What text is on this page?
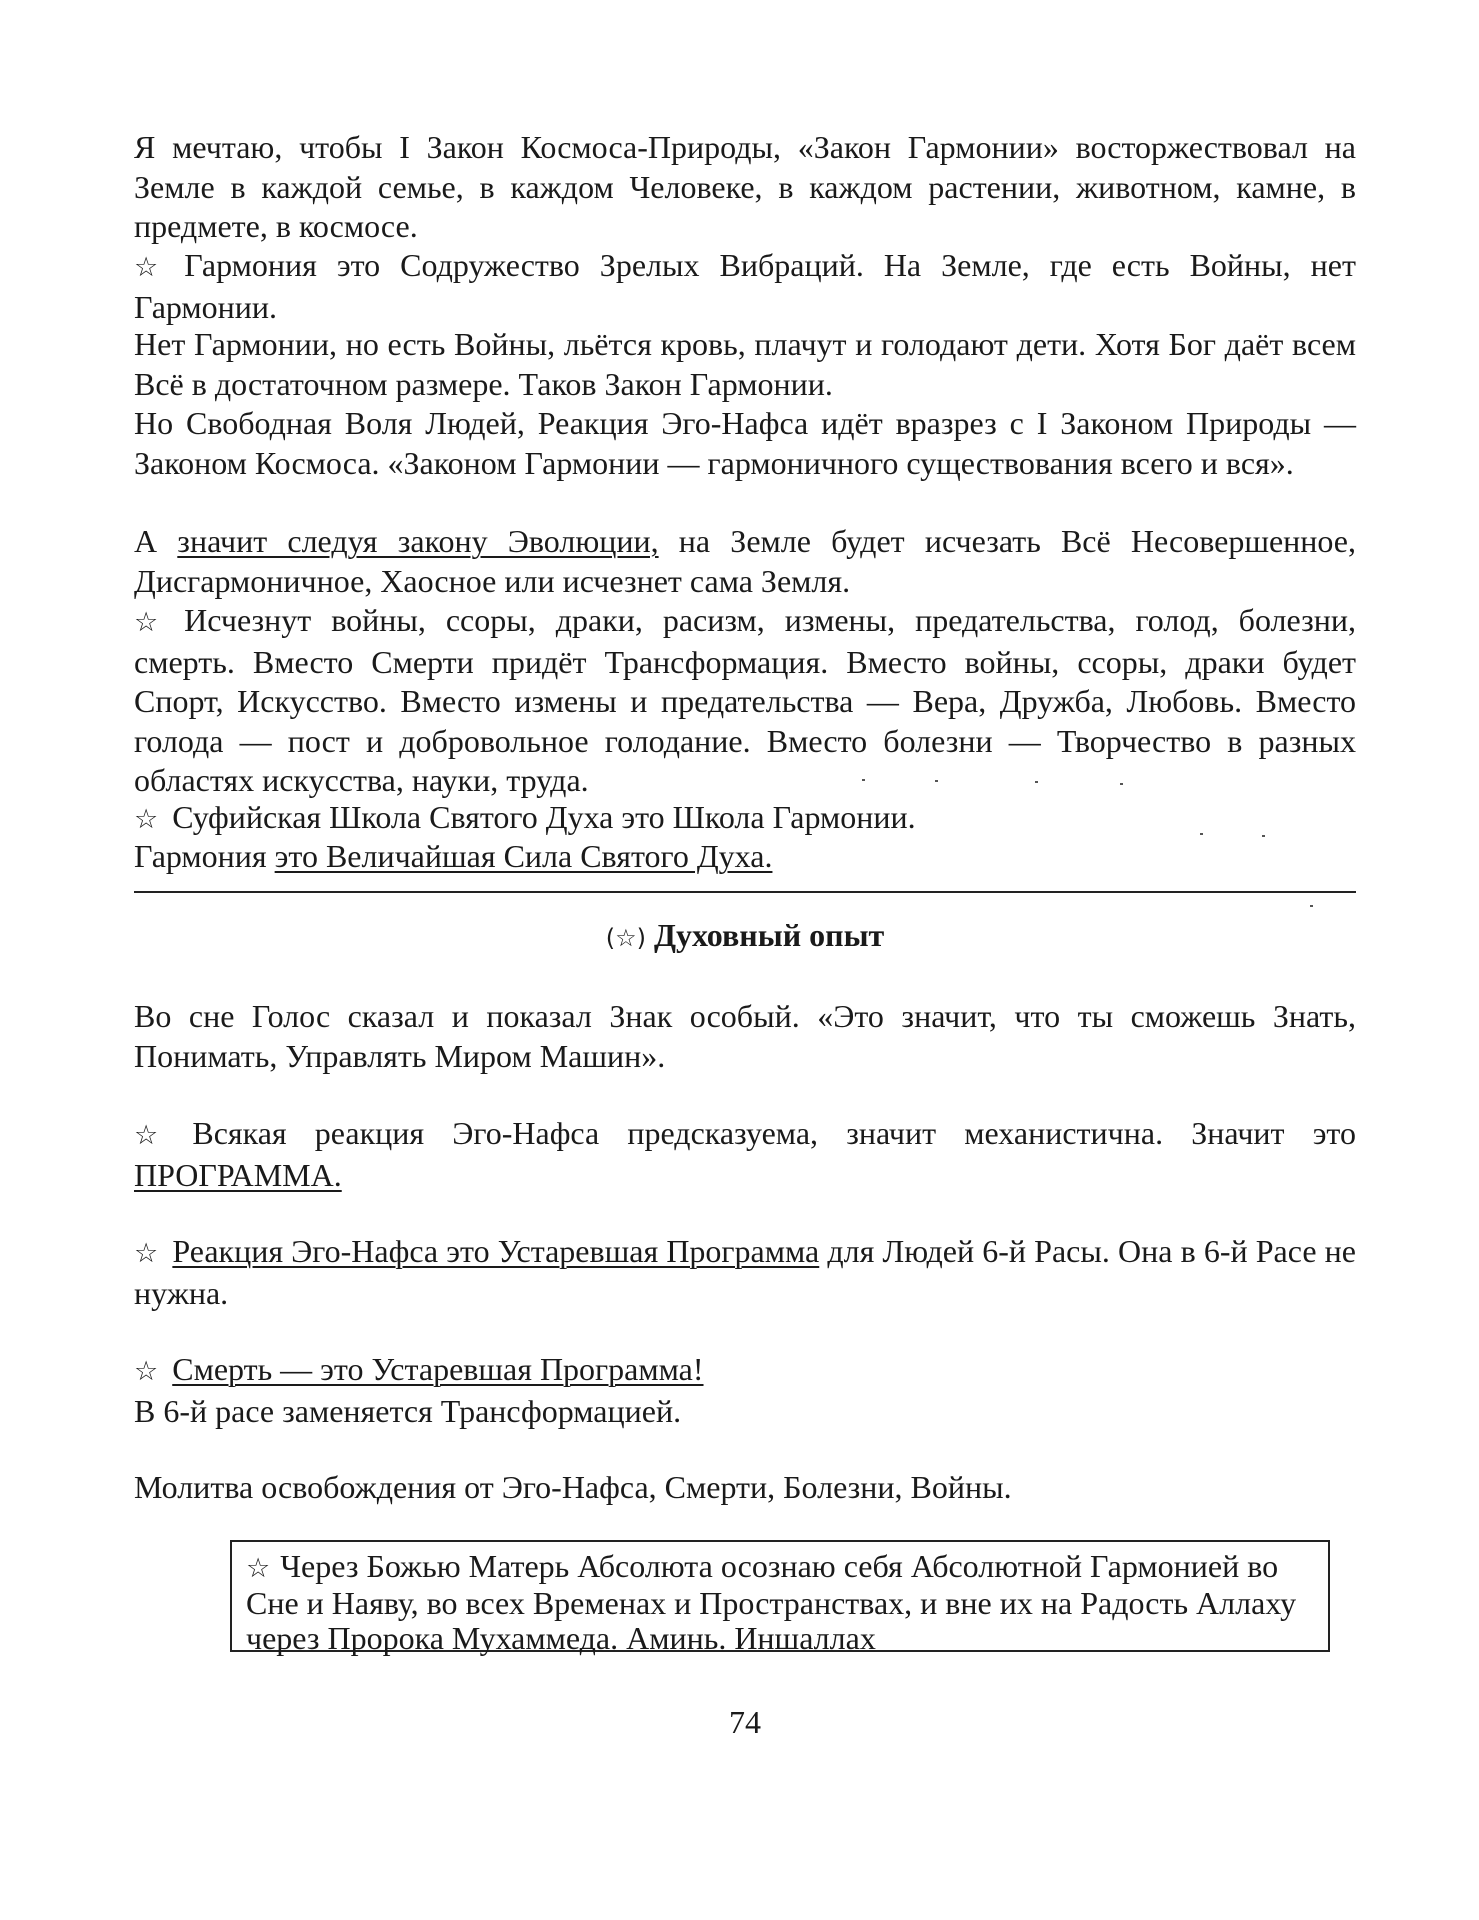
Я мечтаю, чтобы I Закон Космоса-Природы, «Закон Гармонии» восторжествовал на Земле в каждой семье, в каждом Человеке, в каждом растении, животном, камне, в предмете, в космосе.

☆ Гармония это Содружество Зрелых Вибраций. На Земле, где есть Войны, нет Гармонии.

Нет Гармонии, но есть Войны, льётся кровь, плачут и голодают дети. Хотя Бог даёт всем Всё в достаточном размере. Таков Закон Гармонии.

Но Свободная Воля Людей, Реакция Эго-Нафса идёт вразрез с I Законом Природы — Законом Космоса. «Законом Гармонии — гармоничного существования всего и вся».

А значит следуя закону Эволюции, на Земле будет исчезать Всё Несовершенное, Дисгармоничное, Хаосное или исчезнет сама Земля.

☆ Исчезнут войны, ссоры, драки, расизм, измены, предательства, голод, болезни, смерть. Вместо Смерти придёт Трансформация. Вместо войны, ссоры, драки будет Спорт, Искусство. Вместо измены и предательства — Вера, Дружба, Любовь. Вместо голода — пост и добровольное голодание. Вместо болезни — Творчество в разных областях искусства, науки, труда.

☆ Суфийская Школа Святого Духа это Школа Гармонии.

Гармония это Величайшая Сила Святого Духа.

(☆) Духовный опыт

Во сне Голос сказал и показал Знак особый. «Это значит, что ты сможешь Знать, Понимать, Управлять Миром Машин».

☆ Всякая реакция Эго-Нафса предсказуема, значит механистична. Значит это ПРОГРАММА.

☆ Реакция Эго-Нафса это Устаревшая Программа для Людей 6-й Расы. Она в 6-й Расе не нужна.

☆ Смерть — это Устаревшая Программа!
В 6-й расе заменяется Трансформацией.

Молитва освобождения от Эго-Нафса, Смерти, Болезни, Войны.

☆ Через Божью Матерь Абсолюта осознаю себя Абсолютной Гармонией во Сне и Наяву, во всех Временах и Пространствах, и вне их на Радость Аллаху через Пророка Мухаммеда. Аминь. Иншаллах
74
